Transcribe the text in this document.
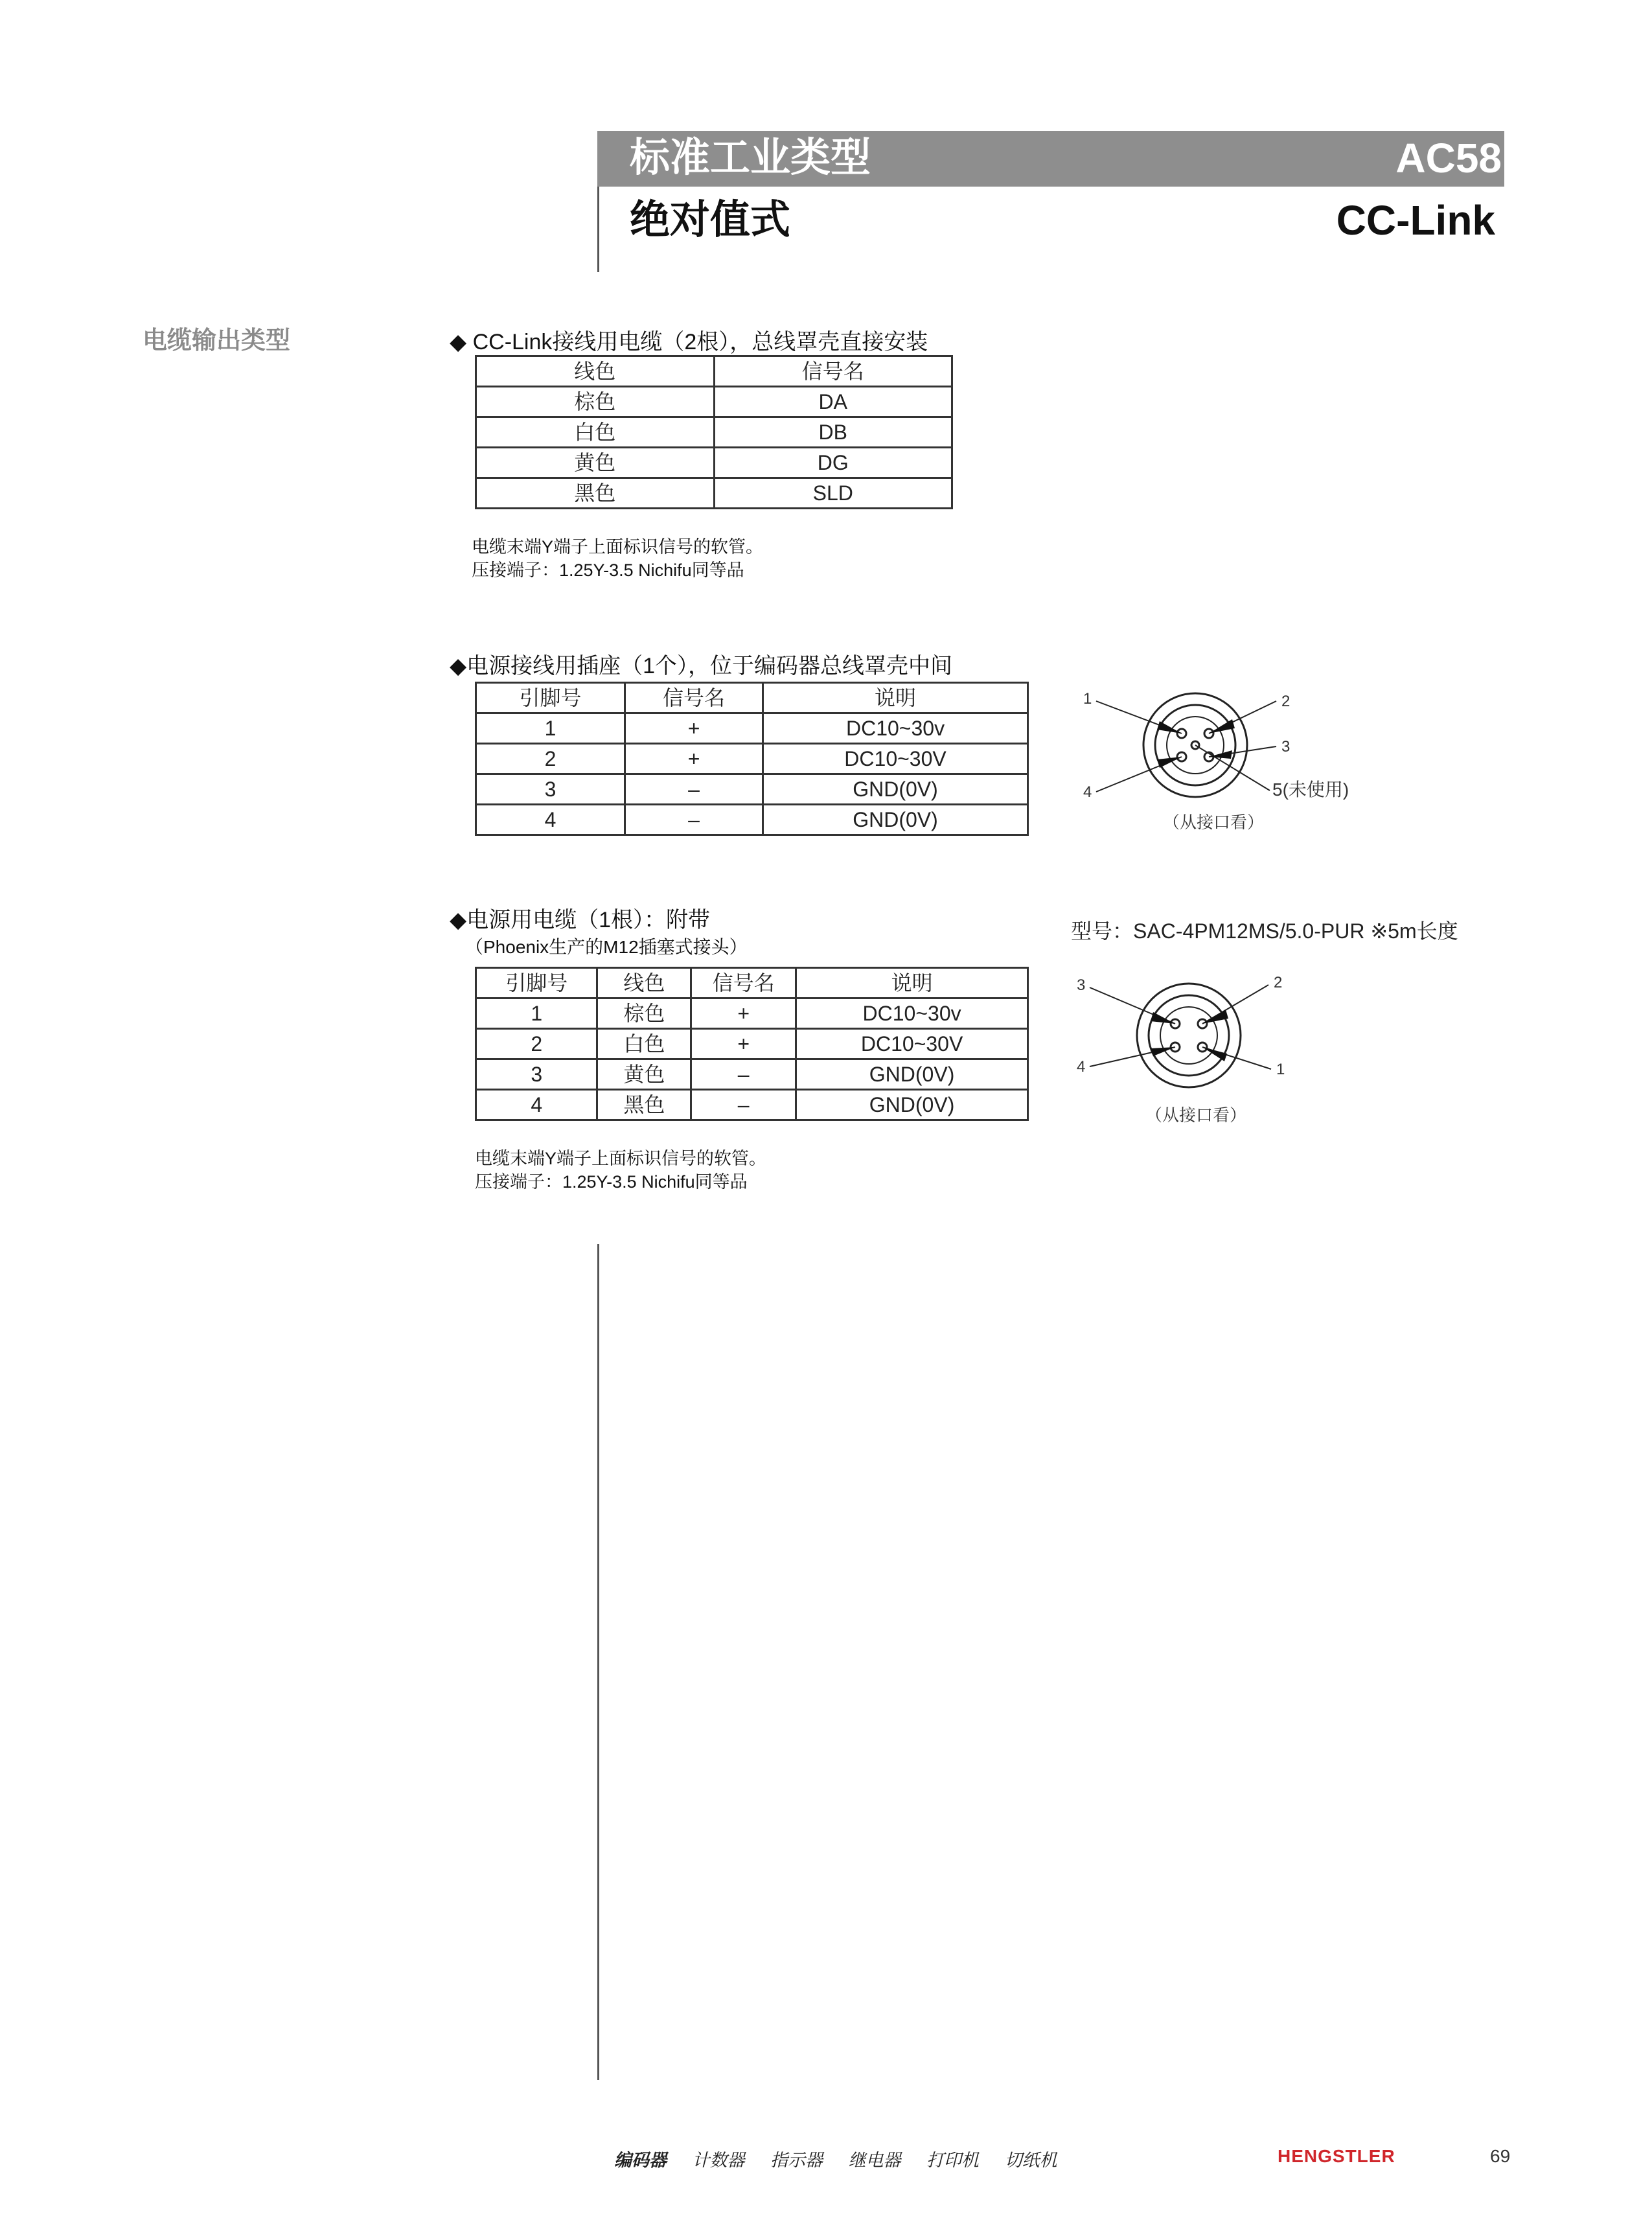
标准工业类型	AC58
绝对值式	CC-Link
电缆输出类型	◆ CC-Link接线用电缆（2根），总线罩壳直接安装
线色	信号名
棕色	DA
白色	DB
黄色	DG
黑色	SLD
电缆末端Y端子上面标识信号的软管。
压接端子：1.25Y-3.5 Nichifu同等品
◆电源接线用插座（1个），位于编码器总线罩壳中间
引脚号	信号名	说明
1	+	DC10~30v
2	+	DC10~30V
3	–	GND(0V)
4	–	GND(0V)
1	2
3
4	5(未使用)
（从接口看）
◆电源用电缆（1根）：附带
（Phoenix生产的M12插塞式接头）
型号：SAC-4PM12MS/5.0-PUR ※5m长度
引脚号	线色	信号名	说明
1	棕色	+	DC10~30v
2	白色	+	DC10~30V
3	黄色	–	GND(0V)
4	黑色	–	GND(0V)
3	2
1
4
（从接口看）
电缆末端Y端子上面标识信号的软管。
压接端子：1.25Y-3.5 Nichifu同等品
编码器 计数器 指示器 继电器 打印机 切纸机	HENGSTLER	69
